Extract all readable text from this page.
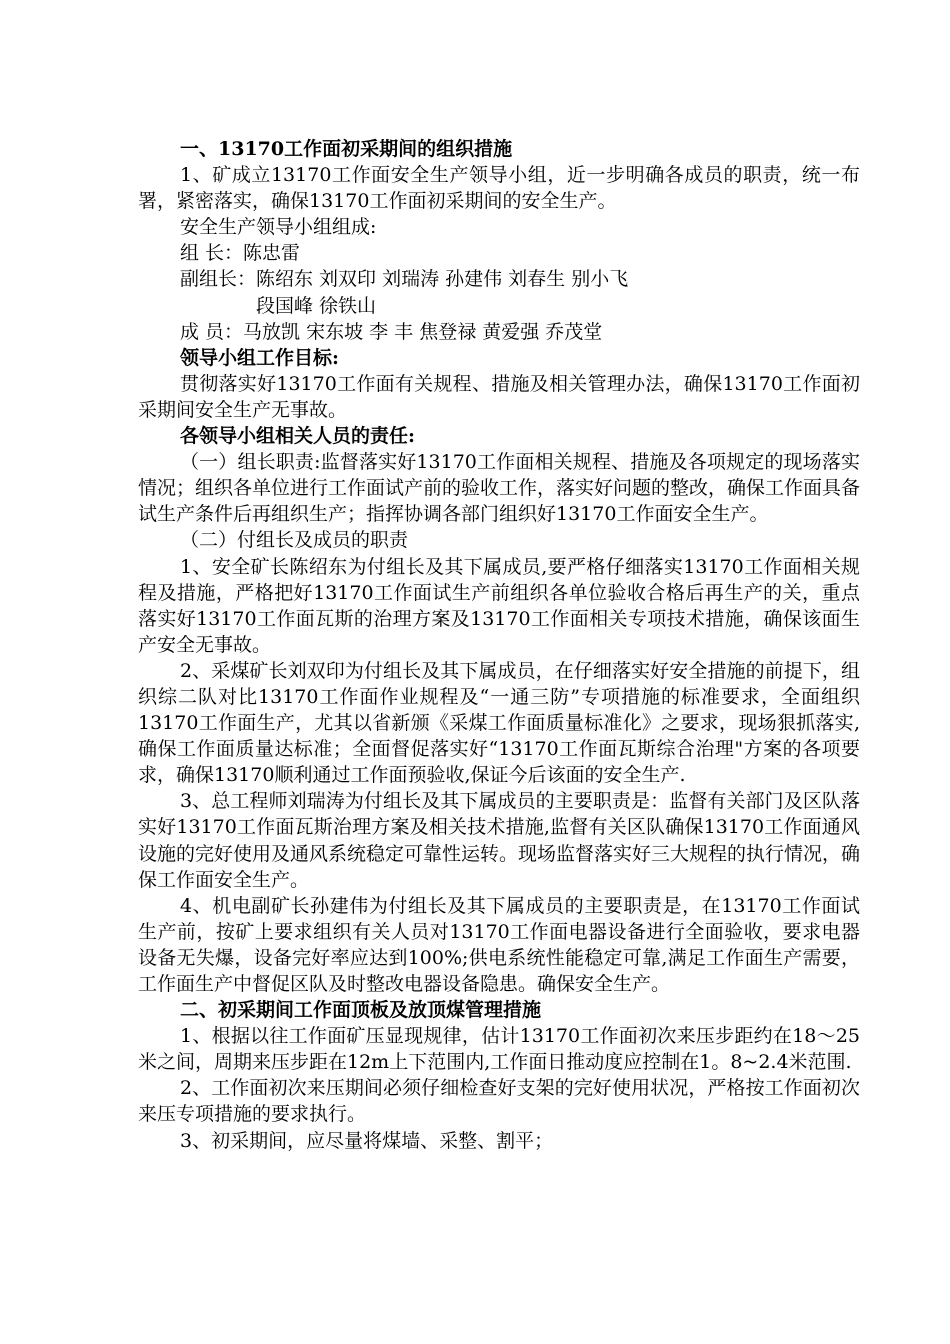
一、13170工作面初采期间的组织措施

1、矿成立13170工作面安全生产领导小组，近一步明确各成员的职责，统一布署，紧密落实，确保13170工作面初采期间的安全生产。

安全生产领导小组组成:

组 长：陈忠雷

副组长：陈绍东 刘双印 刘瑞涛 孙建伟 刘春生 别小飞

段国峰 徐铁山

成 员：马放凯 宋东坡 李 丰 焦登禄 黄爱强 乔茂堂

领导小组工作目标:

贯彻落实好13170工作面有关规程、措施及相关管理办法，确保13170工作面初采期间安全生产无事故。

各领导小组相关人员的责任:

（一）组长职责:监督落实好13170工作面相关规程、措施及各项规定的现场落实情况；组织各单位进行工作面试产前的验收工作，落实好问题的整改，确保工作面具备试生产条件后再组织生产；指挥协调各部门组织好13170工作面安全生产。

（二）付组长及成员的职责

1、安全矿长陈绍东为付组长及其下属成员,要严格仔细落实13170工作面相关规程及措施，严格把好13170工作面试生产前组织各单位验收合格后再生产的关，重点落实好13170工作面瓦斯的治理方案及13170工作面相关专项技术措施，确保该面生产安全无事故。

2、采煤矿长刘双印为付组长及其下属成员，在仔细落实好安全措施的前提下，组织综二队对比13170工作面作业规程及“一通三防”专项措施的标准要求，全面组织13170工作面生产，尤其以省新颁《采煤工作面质量标准化》之要求，现场狠抓落实,确保工作面质量达标准；全面督促落实好“13170工作面瓦斯综合治理"方案的各项要求，确保13170顺利通过工作面预验收,保证今后该面的安全生产.

3、总工程师刘瑞涛为付组长及其下属成员的主要职责是：监督有关部门及区队落实好13170工作面瓦斯治理方案及相关技术措施,监督有关区队确保13170工作面通风设施的完好使用及通风系统稳定可靠性运转。现场监督落实好三大规程的执行情况，确保工作面安全生产。

4、机电副矿长孙建伟为付组长及其下属成员的主要职责是，在13170工作面试生产前，按矿上要求组织有关人员对13170工作面电器设备进行全面验收，要求电器设备无失爆，设备完好率应达到100%;供电系统性能稳定可靠,满足工作面生产需要，工作面生产中督促区队及时整改电器设备隐患。确保安全生产。

二、初采期间工作面顶板及放顶煤管理措施

1、根据以往工作面矿压显现规律，估计13170工作面初次来压步距约在18～25米之间，周期来压步距在12m上下范围内,工作面日推动度应控制在1。8~2.4米范围.

2、工作面初次来压期间必须仔细检查好支架的完好使用状况，严格按工作面初次来压专项措施的要求执行。

3、初采期间，应尽量将煤墙、采整、割平；
